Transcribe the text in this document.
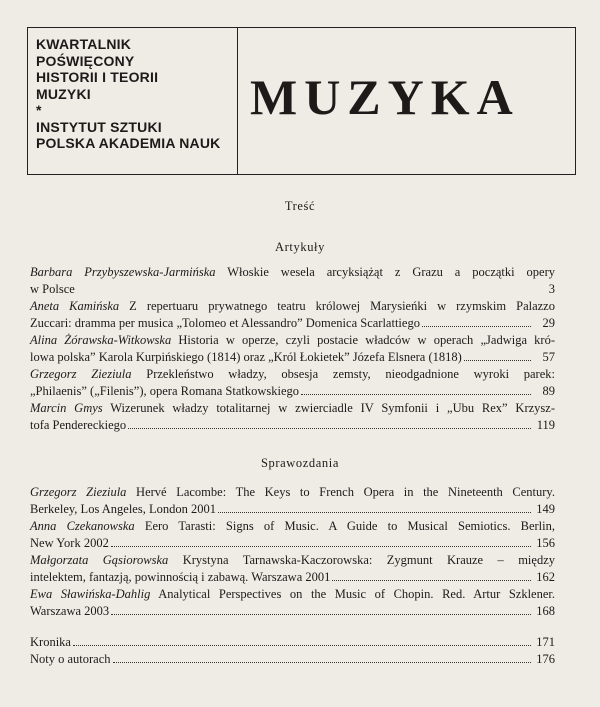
KWARTALNIK
POŚWIĘCONY
HISTORII I TEORII
MUZYKI
*
INSTYTUT SZTUKI
POLSKA AKADEMIA NAUK
MUZYKA
Treść
Artykuły
Barbara Przybyszewska-Jarmińska Włoskie wesela arcyksiążąt z Grazu a początki opery
w Polsce	3
Aneta Kamińska Z repertuaru prywatnego teatru królowej Marysieńki w rzymskim Palazzo
Zuccari: dramma per musica „Tolomeo et Alessandro” Domenica Scarlattiego	29
Alina Żórawska-Witkowska Historia w operze, czyli postacie władców w operach „Jadwiga kró-
lowa polska” Karola Kurpińskiego (1814) oraz „Król Łokietek” Józefa Elsnera (1818)	57
Grzegorz Zieziula Przekleństwo władzy, obsesja zemsty, nieodgadnione wyroki parek:
„Philaenis” („Filenis”), opera Romana Statkowskiego	89
Marcin Gmys Wizerunek władzy totalitarnej w zwierciadle IV Symfonii i „Ubu Rex” Krzysz-
tofa Pendereckiego	119
Sprawozdania
Grzegorz Zieziula Hervé Lacombe: The Keys to French Opera in the Nineteenth Century.
Berkeley, Los Angeles, London 2001	149
Anna Czekanowska Eero Tarasti: Signs of Music. A Guide to Musical Semiotics. Berlin,
New York 2002	156
Małgorzata Gąsiorowska Krystyna Tarnawska-Kaczorowska: Zygmunt Krauze – między
intelektem, fantazją, powinnością i zabawą. Warszawa 2001	162
Ewa Sławińska-Dahlig Analytical Perspectives on the Music of Chopin. Red. Artur Szklener.
Warszawa 2003	168
Kronika	171
Noty o autorach	176
